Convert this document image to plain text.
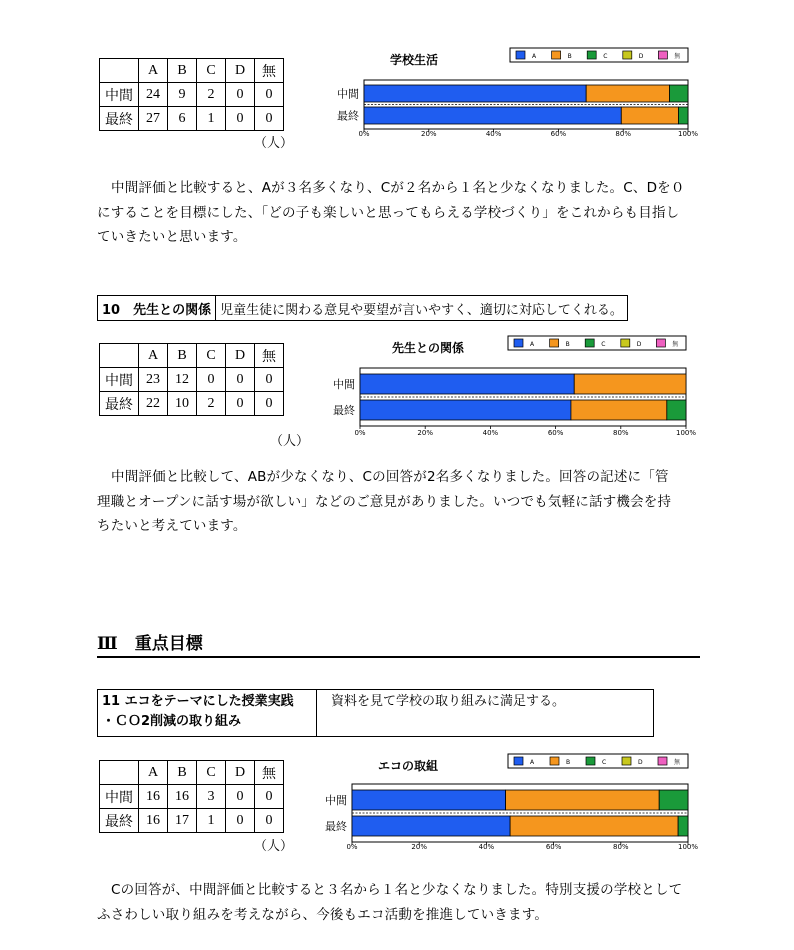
	A	B	C	D	無
中間	24	9	2	0	0
最終	27	6	1	0	0
（人）
学校生活	A	B	C	D	無
中間
最終
0%	20%	40%	60%	80%	100%
中間評価と比較すると、Aが３名多くなり、Cが２名から１名と少なくなりました。C、Dを０
にすることを目標にした、「どの子も楽しいと思ってもらえる学校づくり」をこれからも目指し
ていきたいと思います。
10　先生との関係 児童生徒に関わる意見や要望が言いやすく、適切に対応してくれる。
	A	B	C	D	無
中間	23	12	0	0	0
最終	22	10	2	0	0
（人）
先生との関係	A	B	C	D	無
中間
最終
0%	20%	40%	60%	80%	100%
中間評価と比較して、ABが少なくなり、Cの回答が2名多くなりました。回答の記述に「管
理職とオープンに話す場が欲しい」などのご意見がありました。いつでも気軽に話す機会を持
ちたいと考えています。
Ⅲ　重点目標
11 エコをテーマにした授業実践
・ＣＯ2削減の取り組み
資料を見て学校の取り組みに満足する。
	A	B	C	D	無
中間	16	16	3	0	0
最終	16	17	1	0	0
（人）
エコの取組	A	B	C	D	無
中間
最終
0%	20%	40%	60%	80%	100%
Cの回答が、中間評価と比較すると３名から１名と少なくなりました。特別支援の学校として
ふさわしい取り組みを考えながら、今後もエコ活動を推進していきます。
